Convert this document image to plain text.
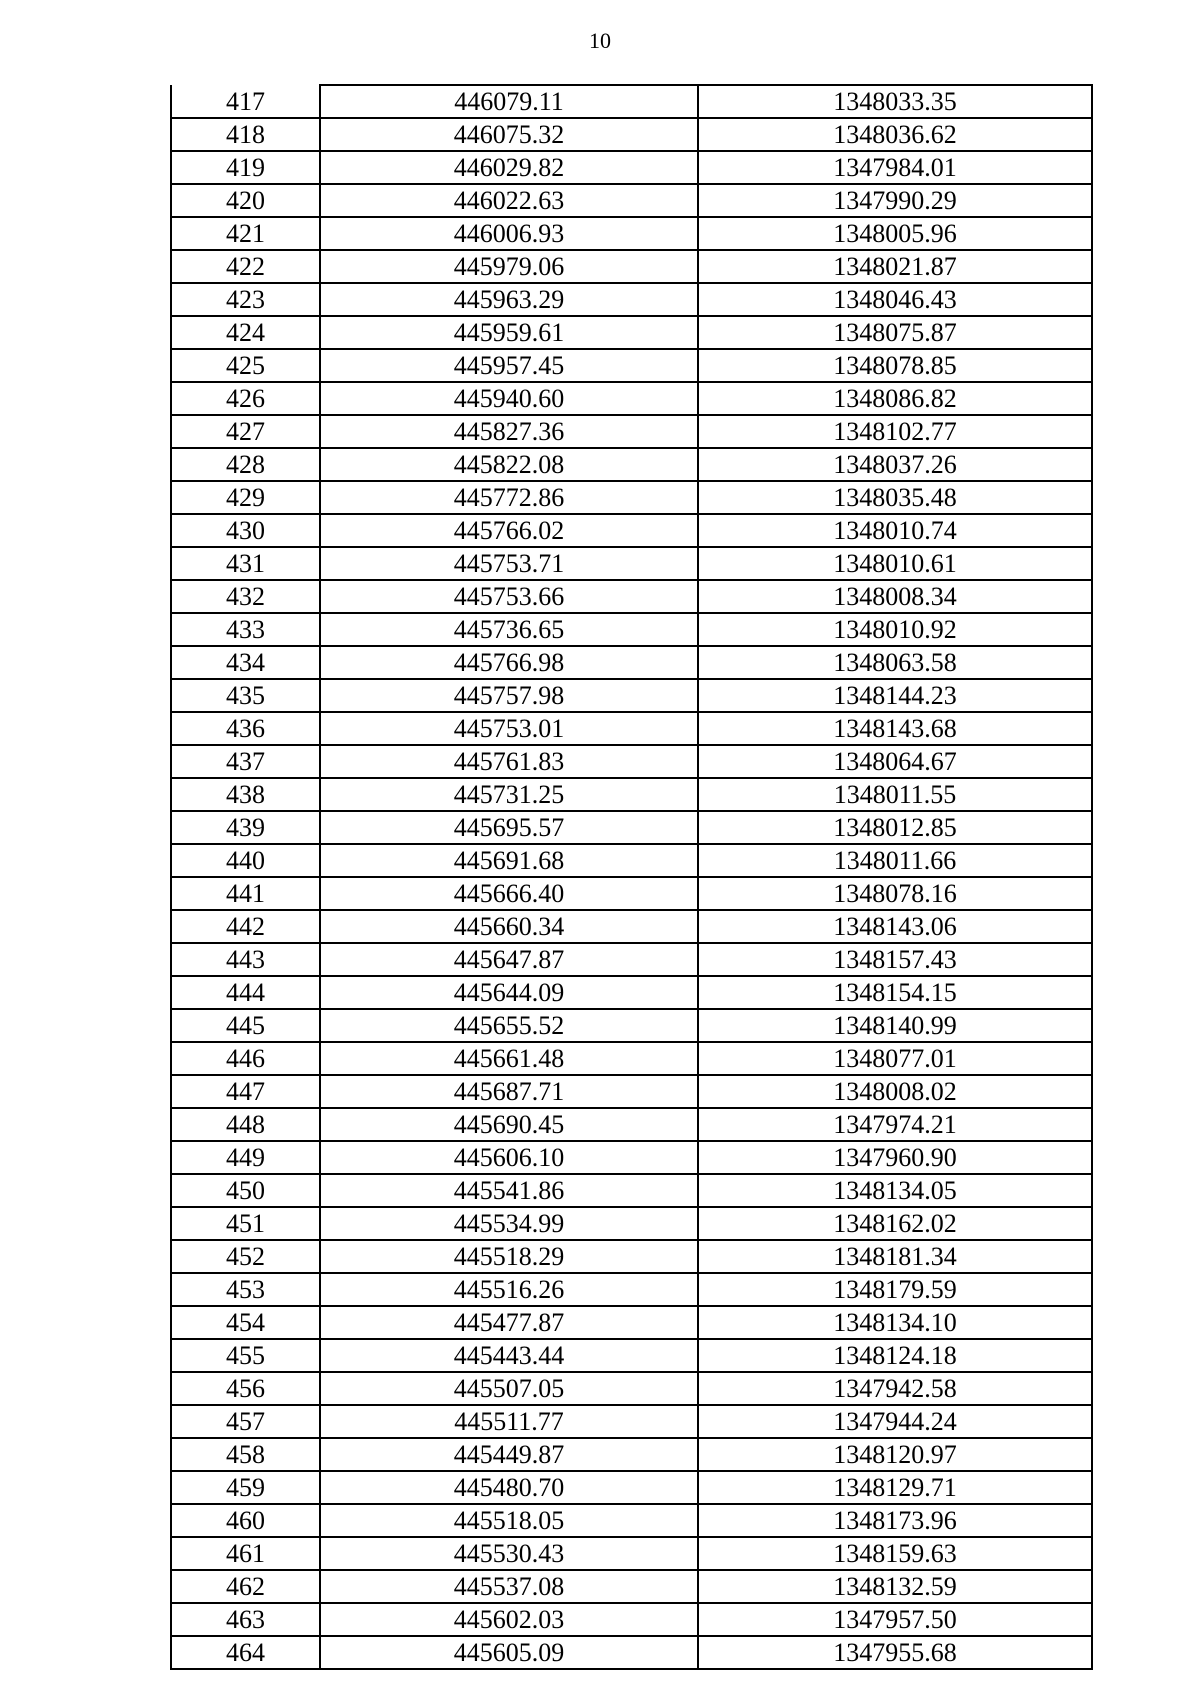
10
417	446079.11	1348033.35
418	446075.32	1348036.62
419	446029.82	1347984.01
420	446022.63	1347990.29
421	446006.93	1348005.96
422	445979.06	1348021.87
423	445963.29	1348046.43
424	445959.61	1348075.87
425	445957.45	1348078.85
426	445940.60	1348086.82
427	445827.36	1348102.77
428	445822.08	1348037.26
429	445772.86	1348035.48
430	445766.02	1348010.74
431	445753.71	1348010.61
432	445753.66	1348008.34
433	445736.65	1348010.92
434	445766.98	1348063.58
435	445757.98	1348144.23
436	445753.01	1348143.68
437	445761.83	1348064.67
438	445731.25	1348011.55
439	445695.57	1348012.85
440	445691.68	1348011.66
441	445666.40	1348078.16
442	445660.34	1348143.06
443	445647.87	1348157.43
444	445644.09	1348154.15
445	445655.52	1348140.99
446	445661.48	1348077.01
447	445687.71	1348008.02
448	445690.45	1347974.21
449	445606.10	1347960.90
450	445541.86	1348134.05
451	445534.99	1348162.02
452	445518.29	1348181.34
453	445516.26	1348179.59
454	445477.87	1348134.10
455	445443.44	1348124.18
456	445507.05	1347942.58
457	445511.77	1347944.24
458	445449.87	1348120.97
459	445480.70	1348129.71
460	445518.05	1348173.96
461	445530.43	1348159.63
462	445537.08	1348132.59
463	445602.03	1347957.50
464	445605.09	1347955.68
